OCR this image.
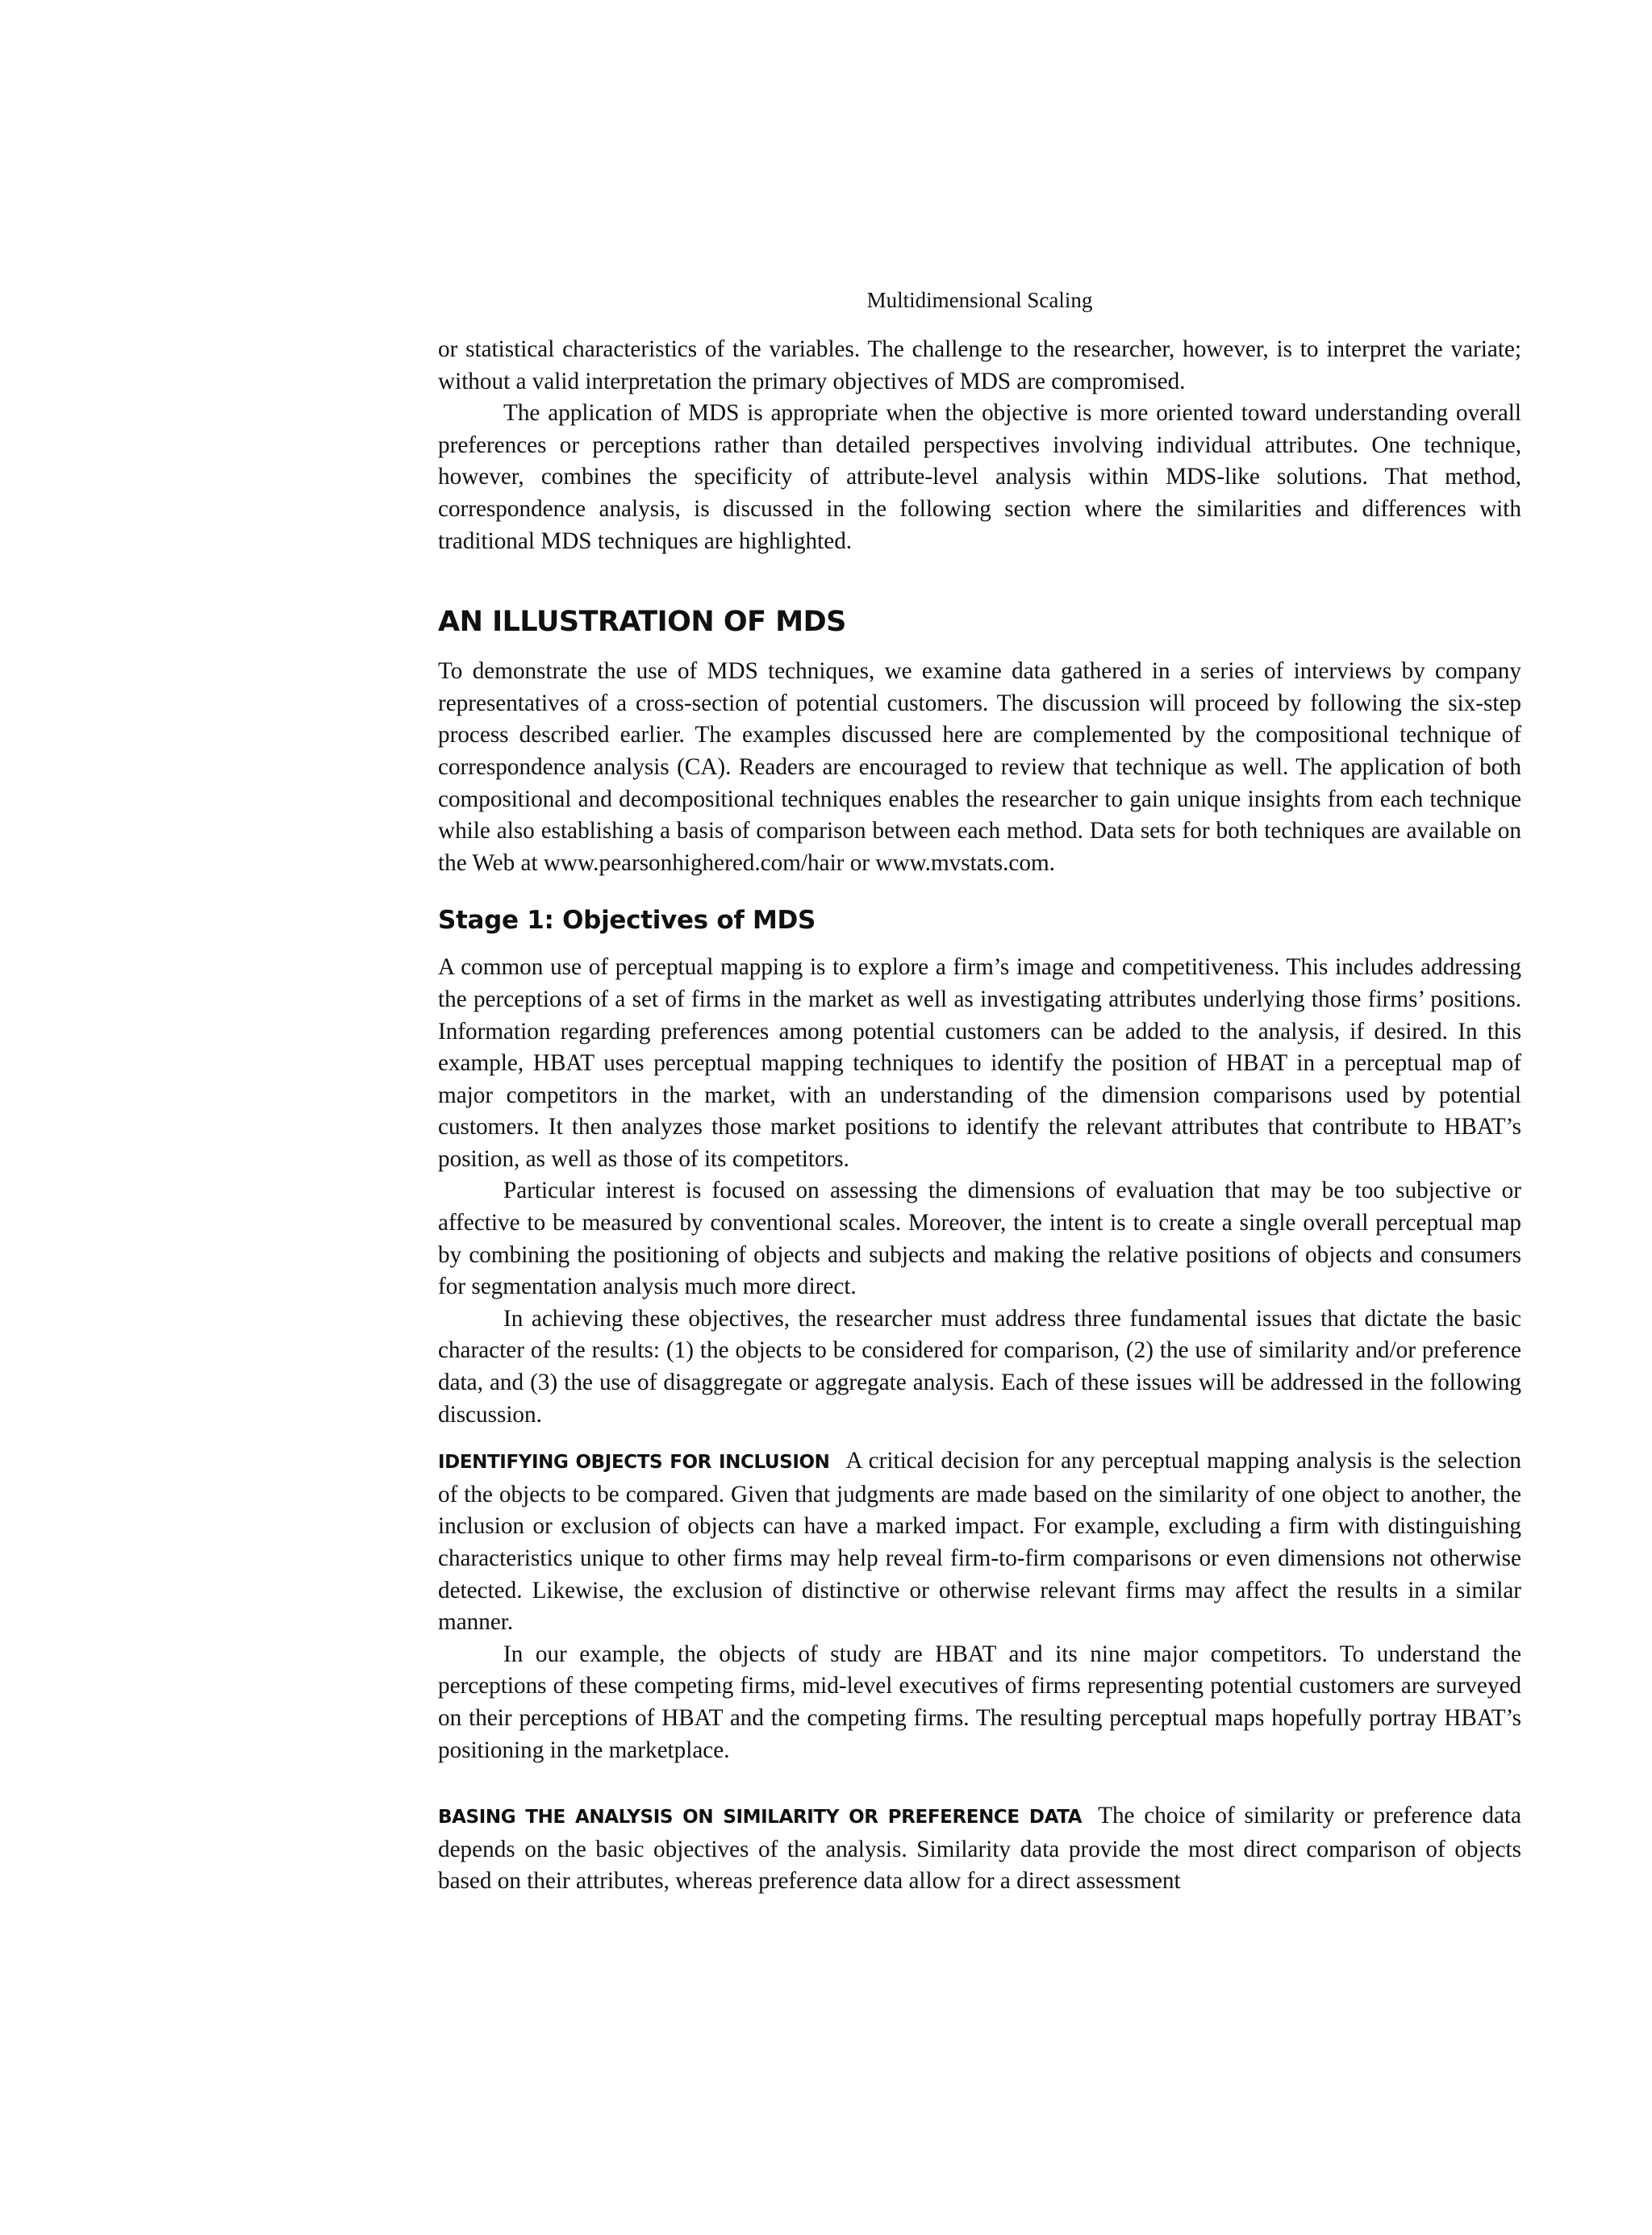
Multidimensional Scaling

or statistical characteristics of the variables. The challenge to the researcher, however, is to interpret the variate; without a valid interpretation the primary objectives of MDS are compromised.

The application of MDS is appropriate when the objective is more oriented toward understanding overall preferences or perceptions rather than detailed perspectives involving individual attributes. One technique, however, combines the specificity of attribute-level analysis within MDS-like solutions. That method, correspondence analysis, is discussed in the following section where the similarities and differences with traditional MDS techniques are highlighted.

AN ILLUSTRATION OF MDS

To demonstrate the use of MDS techniques, we examine data gathered in a series of interviews by company representatives of a cross-section of potential customers. The discussion will proceed by following the six-step process described earlier. The examples discussed here are complemented by the compositional technique of correspondence analysis (CA). Readers are encouraged to review that technique as well. The application of both compositional and decompositional techniques enables the researcher to gain unique insights from each technique while also establishing a basis of comparison between each method. Data sets for both techniques are available on the Web at www.pearsonhighered.com/hair or www.mvstats.com.

Stage 1: Objectives of MDS

A common use of perceptual mapping is to explore a firm’s image and competitiveness. This includes addressing the perceptions of a set of firms in the market as well as investigating attributes underlying those firms’ positions. Information regarding preferences among potential customers can be added to the analysis, if desired. In this example, HBAT uses perceptual mapping techniques to identify the position of HBAT in a perceptual map of major competitors in the market, with an understanding of the dimension comparisons used by potential customers. It then analyzes those market positions to identify the relevant attributes that contribute to HBAT’s position, as well as those of its competitors.

Particular interest is focused on assessing the dimensions of evaluation that may be too subjective or affective to be measured by conventional scales. Moreover, the intent is to create a single overall perceptual map by combining the positioning of objects and subjects and making the relative positions of objects and consumers for segmentation analysis much more direct.

In achieving these objectives, the researcher must address three fundamental issues that dictate the basic character of the results: (1) the objects to be considered for comparison, (2) the use of similarity and/or preference data, and (3) the use of disaggregate or aggregate analysis. Each of these issues will be addressed in the following discussion.

IDENTIFYING OBJECTS FOR INCLUSION A critical decision for any perceptual mapping analysis is the selection of the objects to be compared. Given that judgments are made based on the similarity of one object to another, the inclusion or exclusion of objects can have a marked impact. For example, excluding a firm with distinguishing characteristics unique to other firms may help reveal firm-to-firm comparisons or even dimensions not otherwise detected. Likewise, the exclusion of distinctive or otherwise relevant firms may affect the results in a similar manner.

In our example, the objects of study are HBAT and its nine major competitors. To understand the perceptions of these competing firms, mid-level executives of firms representing potential customers are surveyed on their perceptions of HBAT and the competing firms. The resulting perceptual maps hopefully portray HBAT’s positioning in the marketplace.

BASING THE ANALYSIS ON SIMILARITY OR PREFERENCE DATA The choice of similarity or preference data depends on the basic objectives of the analysis. Similarity data provide the most direct comparison of objects based on their attributes, whereas preference data allow for a direct assessment
